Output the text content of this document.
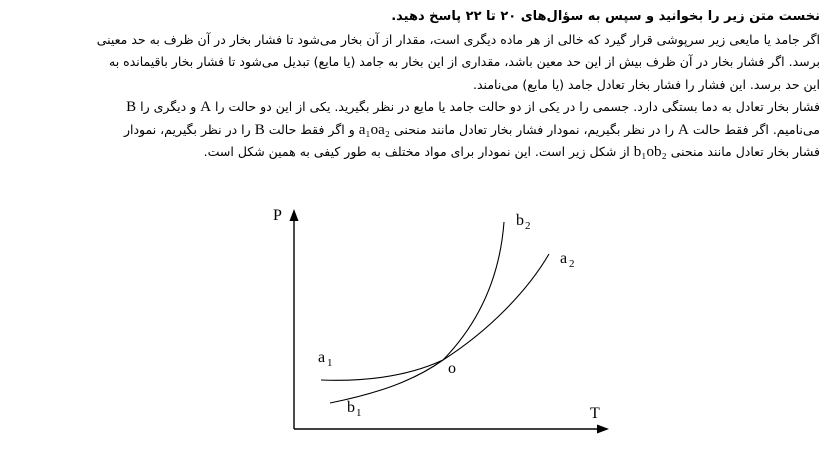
نخست متن زیر را بخوانید و سپس به سؤال‌های ۲۰ تا ۲۲ پاسخ دهید.

اگر جامد یا مایعی زیر سرپوشی قرار گیرد که خالی از هر ماده دیگری است، مقدار از آن بخار می‌شود تا فشار بخار در آن ظرف به حد معینی

برسد. اگر فشار بخار در آن ظرف بیش از این حد معین باشد، مقداری از این بخار به جامد (یا مایع) تبدیل می‌شود تا فشار بخار باقیمانده به

این حد برسد. این فشار را فشار بخار تعادل جامد (یا مایع) می‌نامند.

فشار بخار تعادل به دما بستگی دارد. جسمی را در یکی از دو حالت جامد یا مایع در نظر بگیرید. یکی از این دو حالت را A و دیگری را B

می‌نامیم. اگر فقط حالت A را در نظر بگیریم، نمودار فشار بخار تعادل مانند منحنی a₁oa₂ و اگر فقط حالت B را در نظر بگیریم، نمودار

فشار بخار تعادل مانند منحنی b₁ob₂ از شکل زیر است. این نمودار برای مواد مختلف به طور کیفی به همین شکل است.

P
T
o
a 1
b 1
a 2
b 2
